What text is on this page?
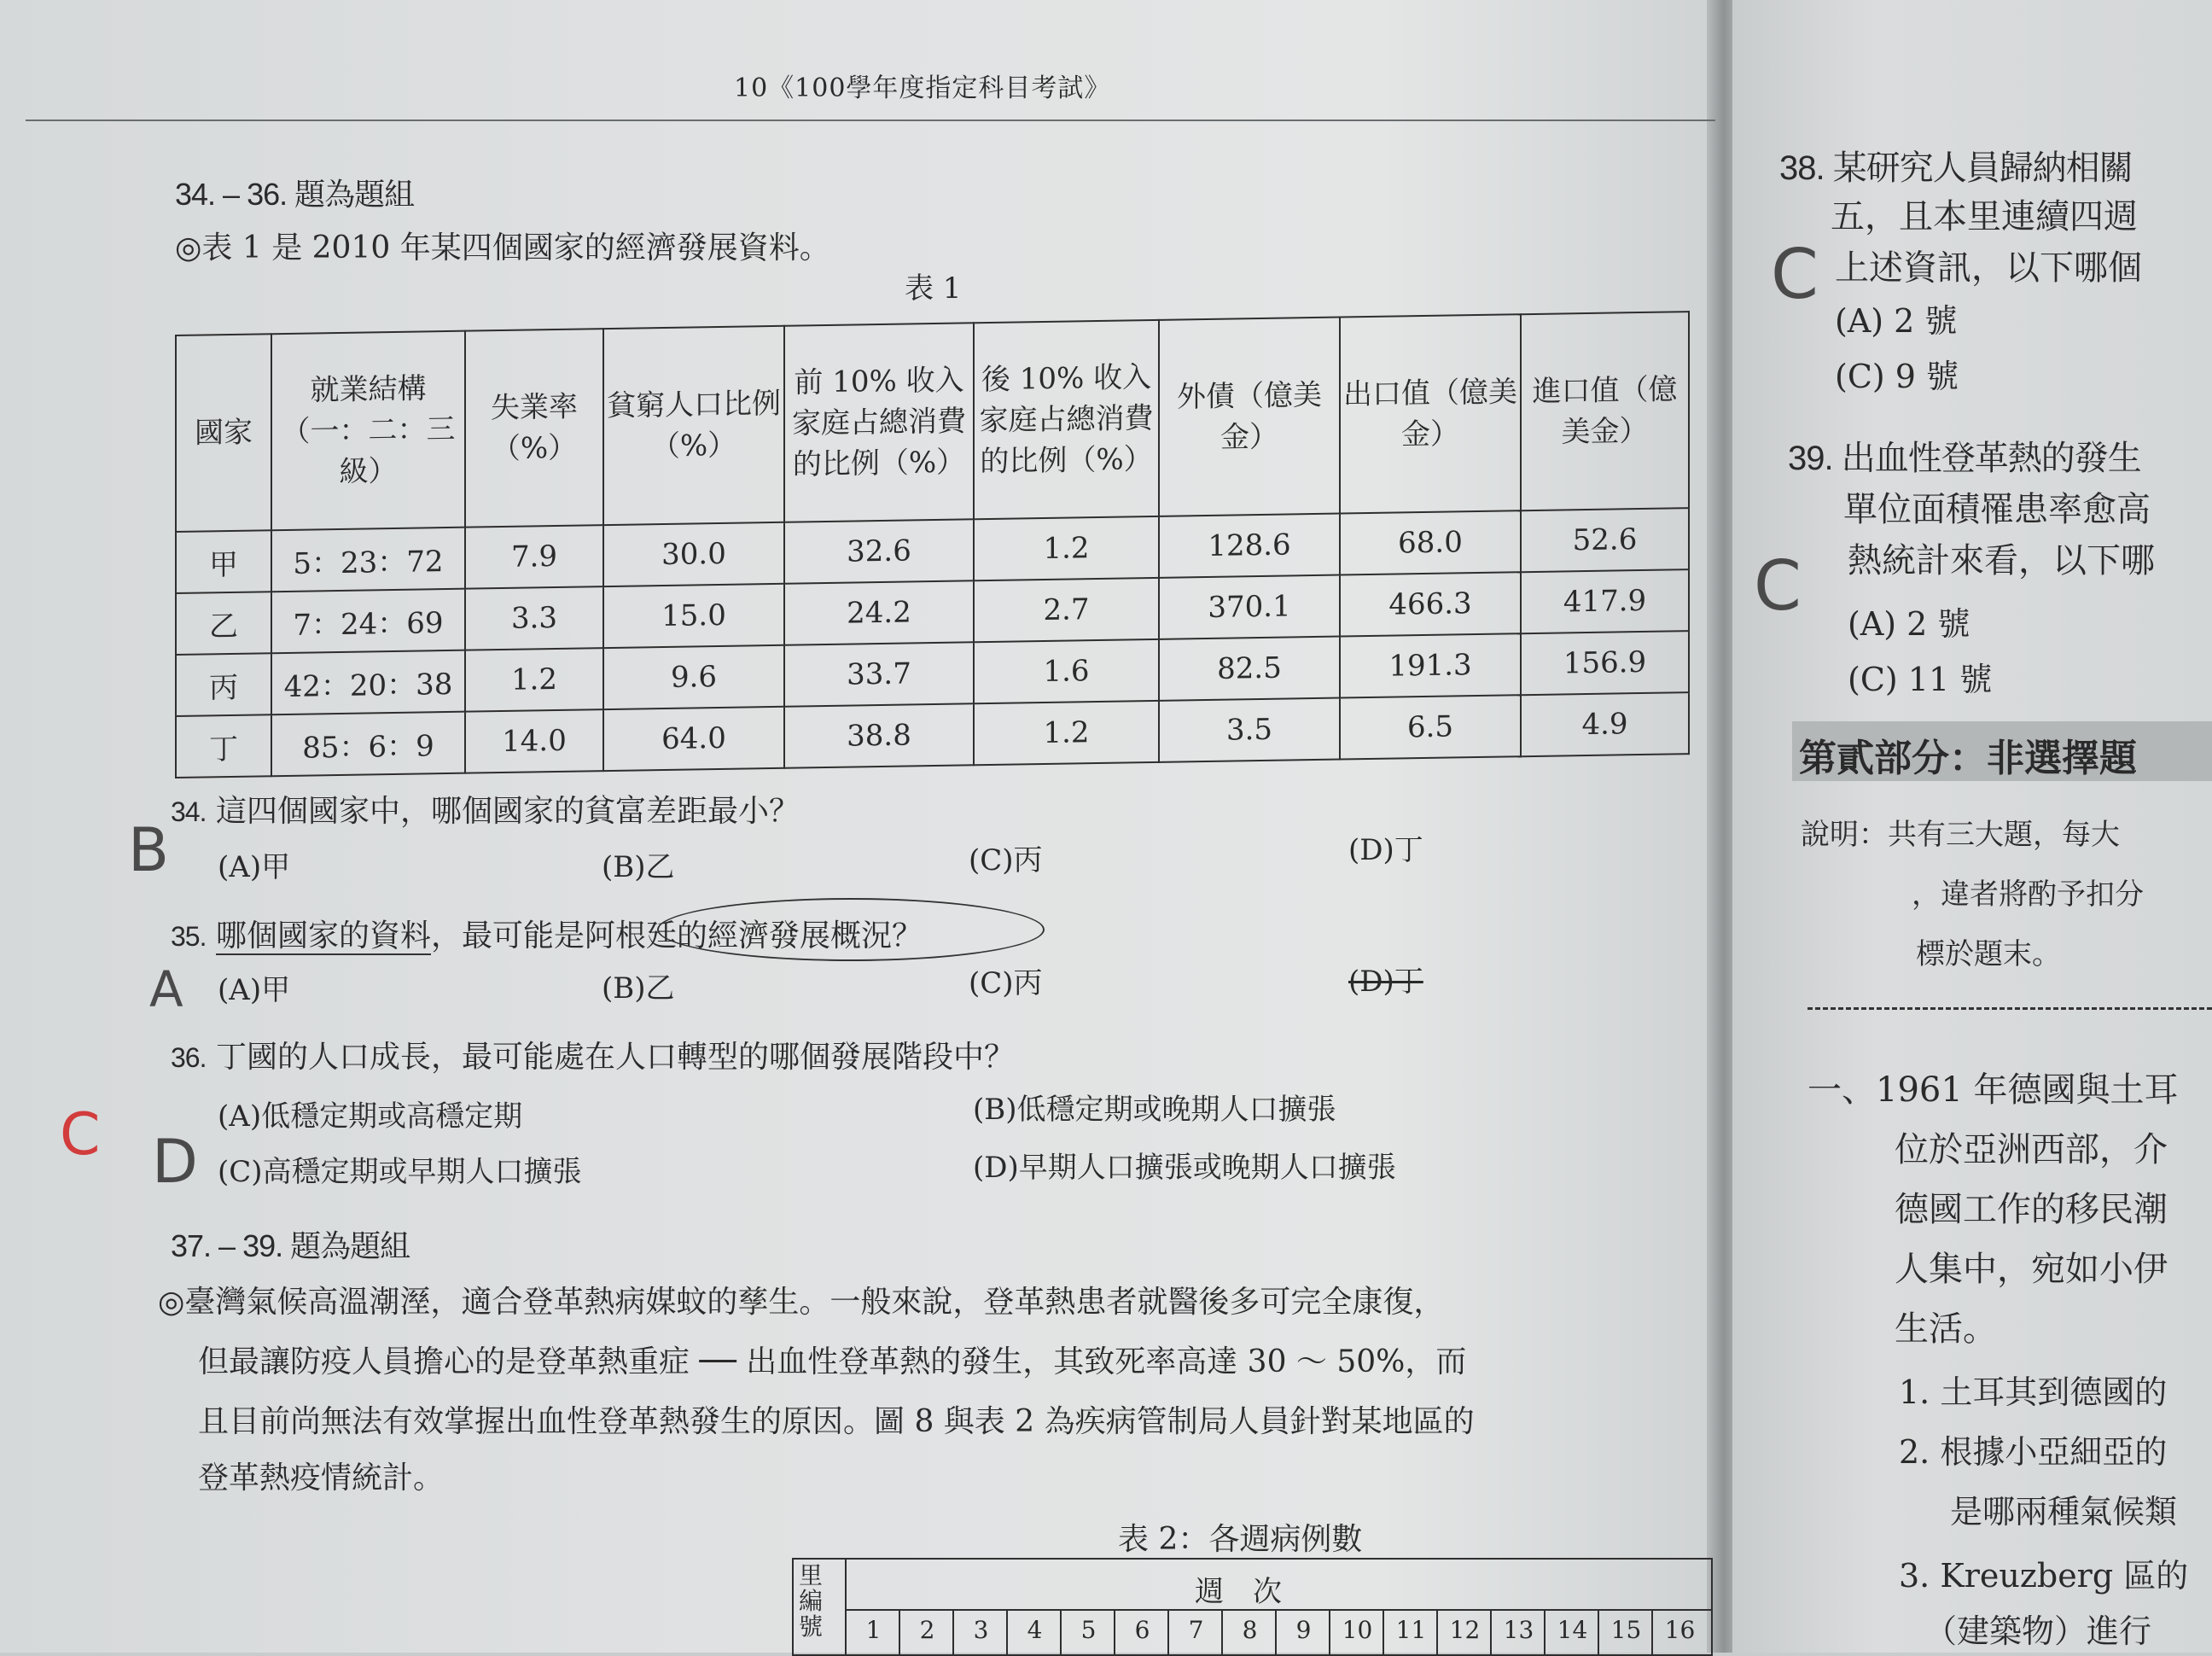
10《100學年度指定科目考試》
34. – 36. 題為題組
◎表 1 是 2010 年某四個國家的經濟發展資料。
表 1
國家	就業結構（一：二：三級）	失業率（%）	貧窮人口比例（%）	前 10% 收入家庭占總消費的比例（%）	後 10% 收入家庭占總消費的比例（%）	外債（億美金）	出口值（億美金）	進口值（億美金）
甲	5：23：72	7.9	30.0	32.6	1.2	128.6	68.0	52.6
乙	7：24：69	3.3	15.0	24.2	2.7	370.1	466.3	417.9
丙	42：20：38	1.2	9.6	33.7	1.6	82.5	191.3	156.9
丁	85：6：9	14.0	64.0	38.8	1.2	3.5	6.5	4.9
34. 這四個國家中，哪個國家的貧富差距最小？
(A)甲	(B)乙	(C)丙	(D)丁
B
35. 哪個國家的資料，最可能是阿根廷的經濟發展概況？
(A)甲	(B)乙	(C)丙	(D)丁
A
36. 丁國的人口成長，最可能處在人口轉型的哪個發展階段中？
(A)低穩定期或高穩定期	(B)低穩定期或晚期人口擴張
(C)高穩定期或早期人口擴張	(D)早期人口擴張或晚期人口擴張
C D
37. – 39. 題為題組
◎臺灣氣候高溫潮溼，適合登革熱病媒蚊的孳生。一般來說，登革熱患者就醫後多可完全康復，
但最讓防疫人員擔心的是登革熱重症 ── 出血性登革熱的發生，其致死率高達 30 ～ 50%，而
且目前尚無法有效掌握出血性登革熱發生的原因。圖 8 與表 2 為疾病管制局人員針對某地區的
登革熱疫情統計。
表 2：各週病例數
里編號
週　次
1	2	3	4	5	6	7	8	9	10 11 12 13 14 15 16
38. 某研究人員歸納相關
五，且本里連續四週
上述資訊，以下哪個
(A) 2 號
(C) 9 號
C
39. 出血性登革熱的發生
單位面積罹患率愈高
熱統計來看，以下哪
(A) 2 號
(C) 11 號
C
第貳部分：非選擇題
說明：共有三大題，每大
，違者將酌予扣分
標於題末。
一、1961 年德國與土耳
位於亞洲西部，介
德國工作的移民潮
人集中，宛如小伊
生活。
1. 土耳其到德國的
2. 根據小亞細亞的
是哪兩種氣候類
3. Kreuzberg 區的
（建築物）進行
